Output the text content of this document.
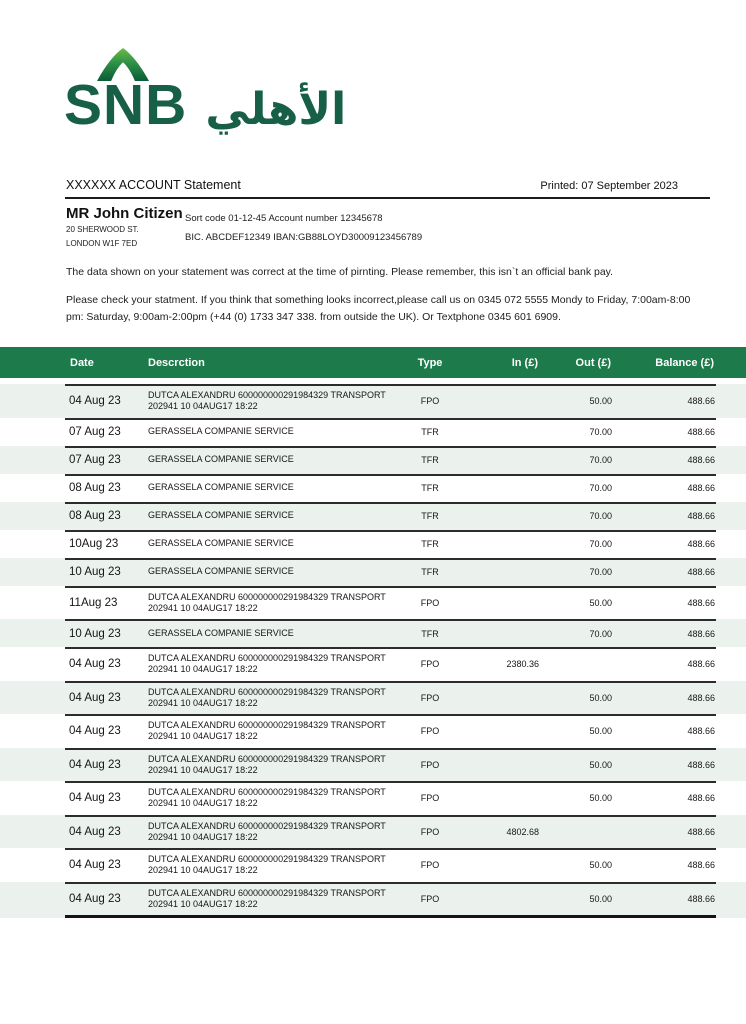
SNB الأهلي
XXXXXX ACCOUNT Statement	Printed: 07 September 2023
MR John Citizen
20 SHERWOOD ST.
LONDON W1F 7ED
Sort code 01-12-45 Account number 12345678
BIC. ABCDEF12349 IBAN:GB88LOYD30009123456789
The data shown on your statement was correct at the time of pirnting. Please remember, this isn`t an official bank pay.
Please check your statment. If you think that something looks incorrect,please call us on 0345 072 5555 Mondy to Friday, 7:00am-8:00 pm: Saturday, 9:00am-2:00pm (+44 (0) 1733 347 338. from outside the UK). Or Textphone 0345 601 6909.
	Date	Descrction	Type	In (£)	Out (£)	Balance (£)	

	04 Aug 23	DUTCA ALEXANDRU 600000000291984329 TRANSPORT
202941 10 04AUG17 18:22	FPO		50.00	488.66	
	07 Aug 23	GERASSELA COMPANIE SERVICE	TFR		70.00	488.66	
	07 Aug 23	GERASSELA COMPANIE SERVICE	TFR		70.00	488.66	
	08 Aug 23	GERASSELA COMPANIE SERVICE	TFR		70.00	488.66	
	08 Aug 23	GERASSELA COMPANIE SERVICE	TFR		70.00	488.66	
	10Aug 23	GERASSELA COMPANIE SERVICE	TFR		70.00	488.66	
	10 Aug 23	GERASSELA COMPANIE SERVICE	TFR		70.00	488.66	
	11Aug 23	DUTCA ALEXANDRU 600000000291984329 TRANSPORT
202941 10 04AUG17 18:22	FPO		50.00	488.66	
	10 Aug 23	GERASSELA COMPANIE SERVICE	TFR		70.00	488.66	
	04 Aug 23	DUTCA ALEXANDRU 600000000291984329 TRANSPORT
202941 10 04AUG17 18:22	FPO	2380.36		488.66	
	04 Aug 23	DUTCA ALEXANDRU 600000000291984329 TRANSPORT
202941 10 04AUG17 18:22	FPO		50.00	488.66	
	04 Aug 23	DUTCA ALEXANDRU 600000000291984329 TRANSPORT
202941 10 04AUG17 18:22	FPO		50.00	488.66	
	04 Aug 23	DUTCA ALEXANDRU 600000000291984329 TRANSPORT
202941 10 04AUG17 18:22	FPO		50.00	488.66	
	04 Aug 23	DUTCA ALEXANDRU 600000000291984329 TRANSPORT
202941 10 04AUG17 18:22	FPO		50.00	488.66	
	04 Aug 23	DUTCA ALEXANDRU 600000000291984329 TRANSPORT
202941 10 04AUG17 18:22	FPO	4802.68		488.66	
	04 Aug 23	DUTCA ALEXANDRU 600000000291984329 TRANSPORT
202941 10 04AUG17 18:22	FPO		50.00	488.66	
	04 Aug 23	DUTCA ALEXANDRU 600000000291984329 TRANSPORT
202941 10 04AUG17 18:22	FPO		50.00	488.66	
